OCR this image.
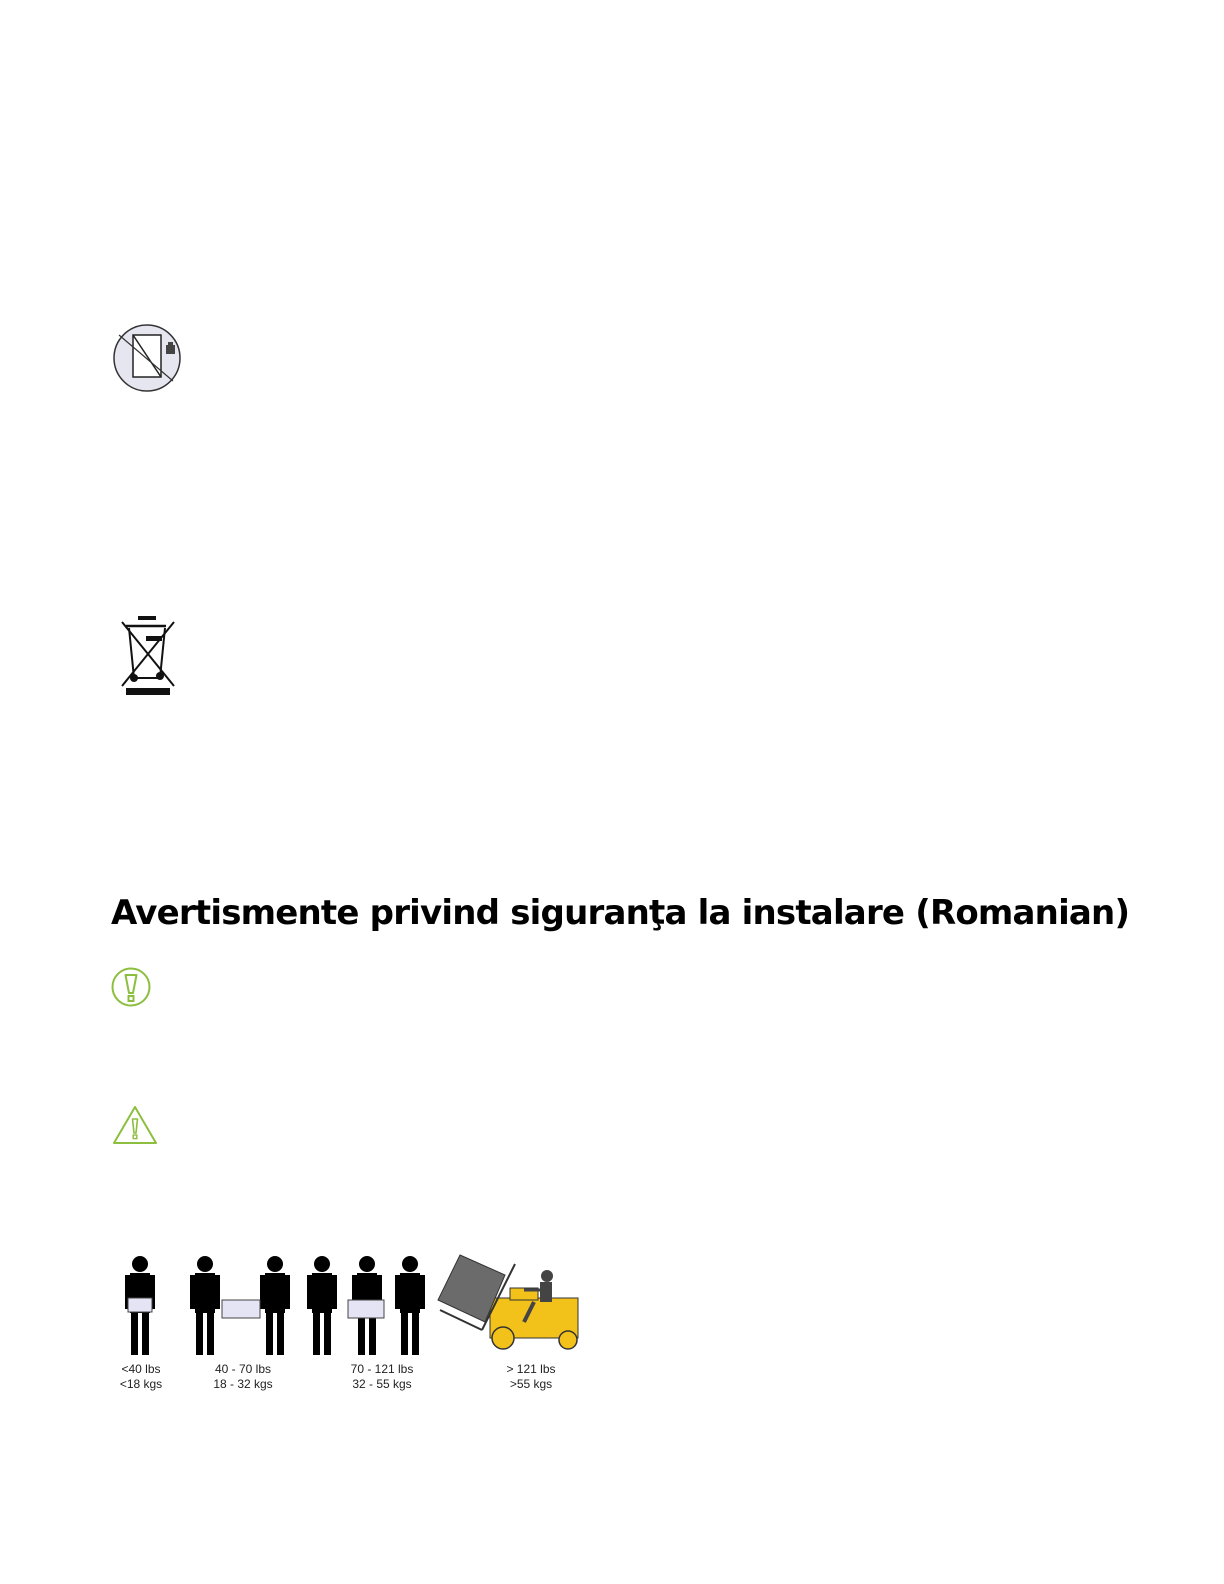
Avertismente privind siguranţa la instalare (Romanian)
<40 lbs
<18 kgs
40 - 70 lbs
18 - 32 kgs
70 - 121 lbs
32 - 55 kgs
> 121 lbs
>55 kgs
